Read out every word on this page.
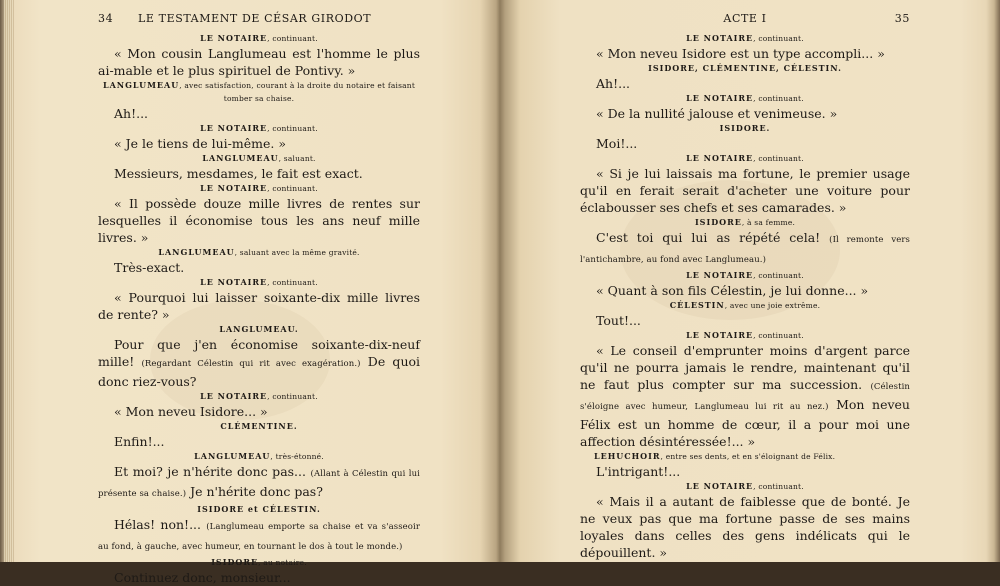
34 LE TESTAMENT DE CÉSAR GIRODOT
LE NOTAIRE, continuant.

« Mon cousin Langlumeau est l'homme le plus ai-mable et le plus spirituel de Pontivy. »

LANGLUMEAU, avec satisfaction, courant à la droite du notaire et faisant tomber sa chaise.

Ah!...

LE NOTAIRE, continuant.

« Je le tiens de lui-même. »

LANGLUMEAU, saluant.

Messieurs, mesdames, le fait est exact.

LE NOTAIRE, continuant.

« Il possède douze mille livres de rentes sur lesquelles il économise tous les ans neuf mille livres. »

LANGLUMEAU, saluant avec la même gravité.

Très-exact.

LE NOTAIRE, continuant.

« Pourquoi lui laisser soixante-dix mille livres de rente? »

LANGLUMEAU.

Pour que j'en économise soixante-dix-neuf mille! (Regardant Célestin qui rit avec exagération.) De quoi donc riez-vous?

LE NOTAIRE, continuant.

« Mon neveu Isidore... »

CLÉMENTINE.

Enfin!...

LANGLUMEAU, très-étonné.

Et moi? je n'hérite donc pas... (Allant à Célestin qui lui présente sa chaise.) Je n'hérite donc pas?

ISIDORE et CÉLESTIN.

Hélas! non!... (Langlumeau emporte sa chaise et va s'asseoir au fond, à gauche, avec humeur, en tournant le dos à tout le monde.)

ISIDORE, au notaire.

Continuez donc, monsieur...

ACTE I	35
LE NOTAIRE, continuant.

« Mon neveu Isidore est un type accompli... »

ISIDORE, CLÉMENTINE, CÉLESTIN.

Ah!...

LE NOTAIRE, continuant.

« De la nullité jalouse et venimeuse. »

ISIDORE.

Moi!...

LE NOTAIRE, continuant.

« Si je lui laissais ma fortune, le premier usage qu'il en ferait serait d'acheter une voiture pour éclabousser ses chefs et ses camarades. »

ISIDORE, à sa femme.

C'est toi qui lui as répété cela! (Il remonte vers l'antichambre, au fond avec Langlumeau.)

LE NOTAIRE, continuant.

« Quant à son fils Célestin, je lui donne... »

CÉLESTIN, avec une joie extrême.

Tout!...

LE NOTAIRE, continuant.

« Le conseil d'emprunter moins d'argent parce qu'il ne pourra jamais le rendre, maintenant qu'il ne faut plus compter sur ma succession. (Célestin s'éloigne avec humeur, Langlumeau lui rit au nez.) Mon neveu Félix est un homme de cœur, il a pour moi une affection désintéressée!... »

LEHUCHOIR, entre ses dents, et en s'éloignant de Félix.

L'intrigant!...

LE NOTAIRE, continuant.

« Mais il a autant de faiblesse que de bonté. Je ne veux pas que ma fortune passe de ses mains loyales dans celles des gens indélicats qui le dépouillent. »
